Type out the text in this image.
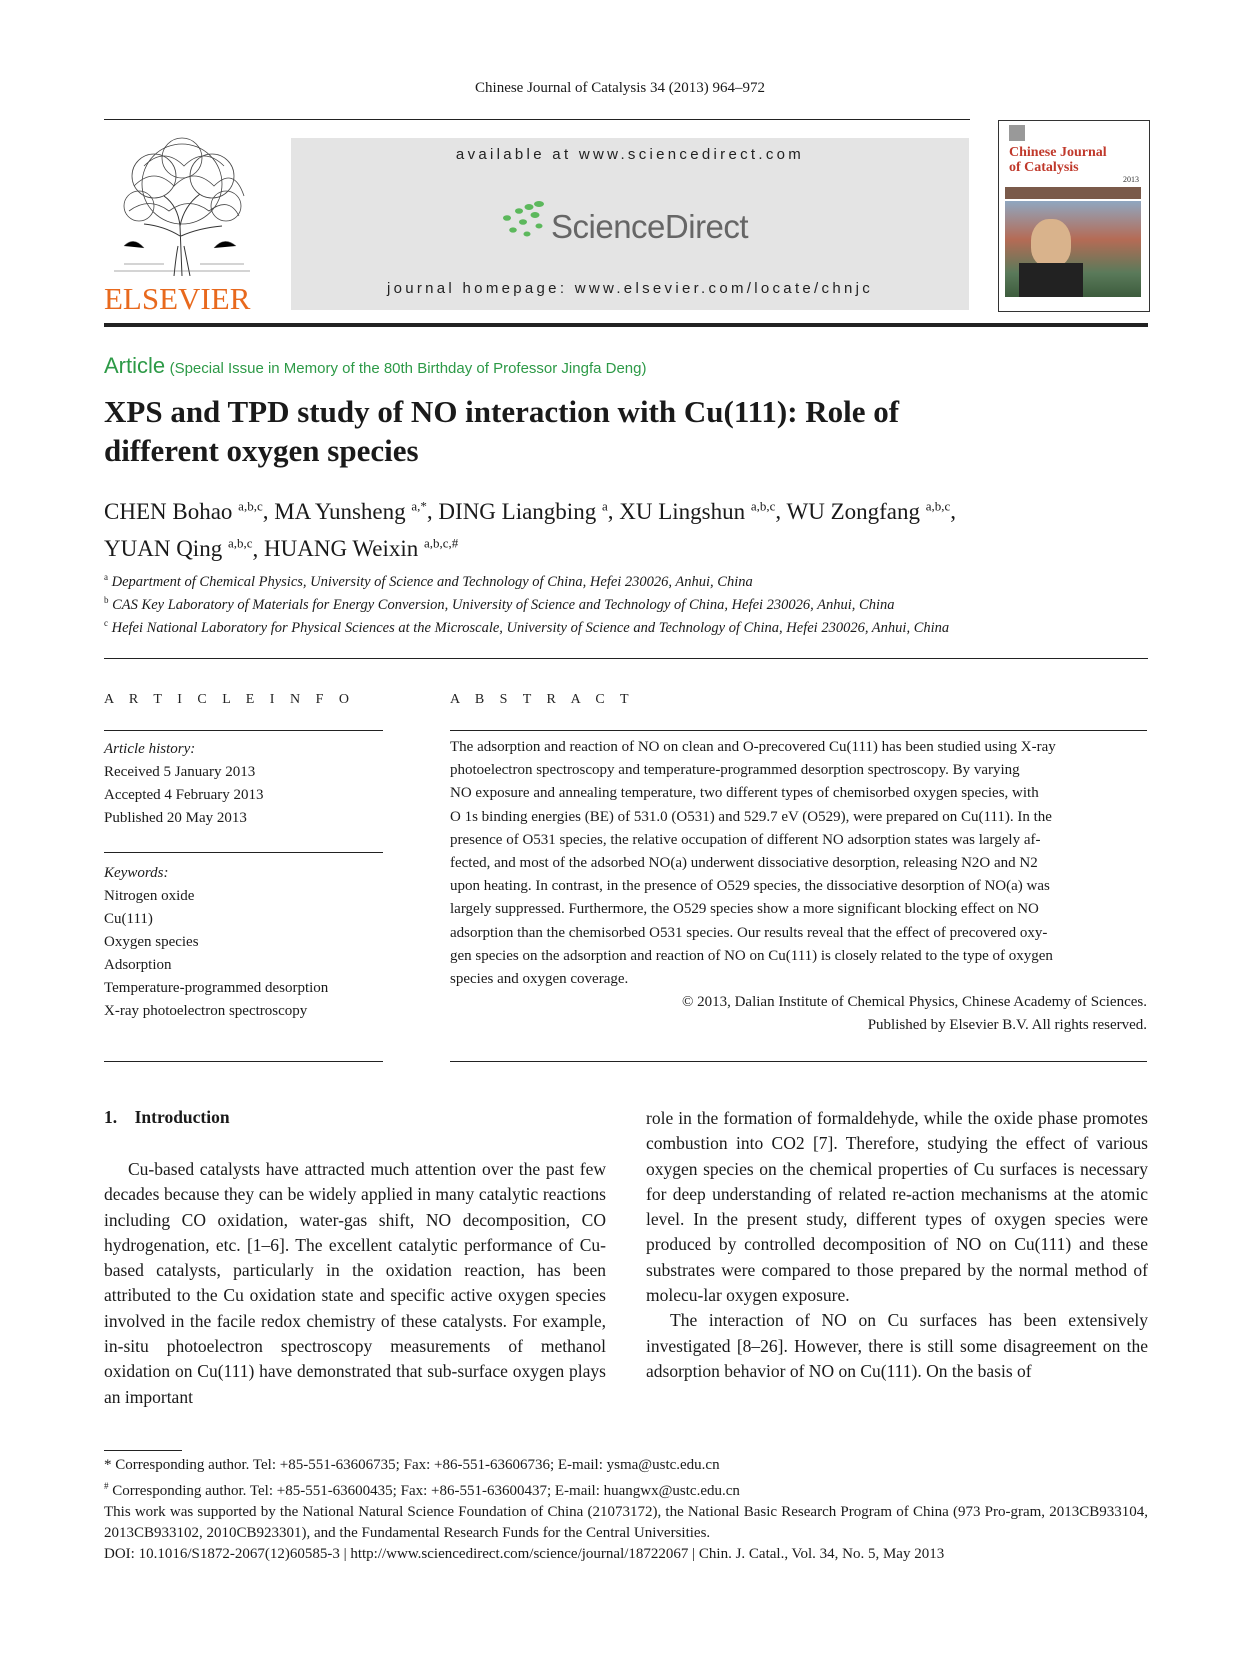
Chinese Journal of Catalysis 34 (2013) 964–972
ELSEVIER
available at www.sciencedirect.com
ScienceDirect
journal homepage: www.elsevier.com/locate/chnjc
Chinese Journal
of Catalysis
2013
Article (Special Issue in Memory of the 80th Birthday of Professor Jingfa Deng)
XPS and TPD study of NO interaction with Cu(111): Role of
different oxygen species
CHEN Bohao $^{a,b,c}$, MA Yunsheng $^{a,*}$, DING Liangbing $^a$, XU Lingshun $^{a,b,c}$, WU Zongfang $^{a,b,c}$,
YUAN Qing $^{a,b,c}$, HUANG Weixin $^{a,b,c,\#}$
$^a$ Department of Chemical Physics, University of Science and Technology of China, Hefei 230026, Anhui, China
$^b$ CAS Key Laboratory of Materials for Energy Conversion, University of Science and Technology of China, Hefei 230026, Anhui, China
$^c$ Hefei National Laboratory for Physical Sciences at the Microscale, University of Science and Technology of China, Hefei 230026, Anhui, China
A R T I C L E I N F O
Article history:
Received 5 January 2013
Accepted 4 February 2013
Published 20 May 2013
Keywords:
Nitrogen oxide
Cu(111)
Oxygen species
Adsorption
Temperature-programmed desorption
X-ray photoelectron spectroscopy
A B S T R A C T
The adsorption and reaction of NO on clean and O-precovered Cu(111) has been studied using X-ray
photoelectron spectroscopy and temperature-programmed desorption spectroscopy. By varying
NO exposure and annealing temperature, two different types of chemisorbed oxygen species, with
O 1s binding energies (BE) of 531.0 (O531) and 529.7 eV (O529), were prepared on Cu(111). In the
presence of O531 species, the relative occupation of different NO adsorption states was largely af-
fected, and most of the adsorbed NO(a) underwent dissociative desorption, releasing N2O and N2
upon heating. In contrast, in the presence of O529 species, the dissociative desorption of NO(a) was
largely suppressed. Furthermore, the O529 species show a more significant blocking effect on NO
adsorption than the chemisorbed O531 species. Our results reveal that the effect of precovered oxy-
gen species on the adsorption and reaction of NO on Cu(111) is closely related to the type of oxygen
species and oxygen coverage.
© 2013, Dalian Institute of Chemical Physics, Chinese Academy of Sciences.
Published by Elsevier B.V. All rights reserved.
1.    Introduction

Cu-based catalysts have attracted much attention over the past few decades because they can be widely applied in many catalytic reactions including CO oxidation, water-gas shift, NO decomposition, CO hydrogenation, etc. [1–6]. The excellent catalytic performance of Cu-based catalysts, particularly in the oxidation reaction, has been attributed to the Cu oxidation state and specific active oxygen species involved in the facile redox chemistry of these catalysts. For example, in-situ photoelectron spectroscopy measurements of methanol oxidation on Cu(111) have demonstrated that sub-surface oxygen plays an important

role in the formation of formaldehyde, while the oxide phase promotes combustion into CO2 [7]. Therefore, studying the effect of various oxygen species on the chemical properties of Cu surfaces is necessary for deep understanding of related re-action mechanisms at the atomic level. In the present study, different types of oxygen species were produced by controlled decomposition of NO on Cu(111) and these substrates were compared to those prepared by the normal method of molecu-lar oxygen exposure.

The interaction of NO on Cu surfaces has been extensively investigated [8–26]. However, there is still some disagreement on the adsorption behavior of NO on Cu(111). On the basis of

* Corresponding author. Tel: +85-551-63606735; Fax: +86-551-63606736; E-mail: ysma@ustc.edu.cn
# Corresponding author. Tel: +85-551-63600435; Fax: +86-551-63600437; E-mail: huangwx@ustc.edu.cn
This work was supported by the National Natural Science Foundation of China (21073172), the National Basic Research Program of China (973 Pro-gram, 2013CB933104, 2013CB933102, 2010CB923301), and the Fundamental Research Funds for the Central Universities.
DOI: 10.1016/S1872-2067(12)60585-3 | http://www.sciencedirect.com/science/journal/18722067 | Chin. J. Catal., Vol. 34, No. 5, May 2013
